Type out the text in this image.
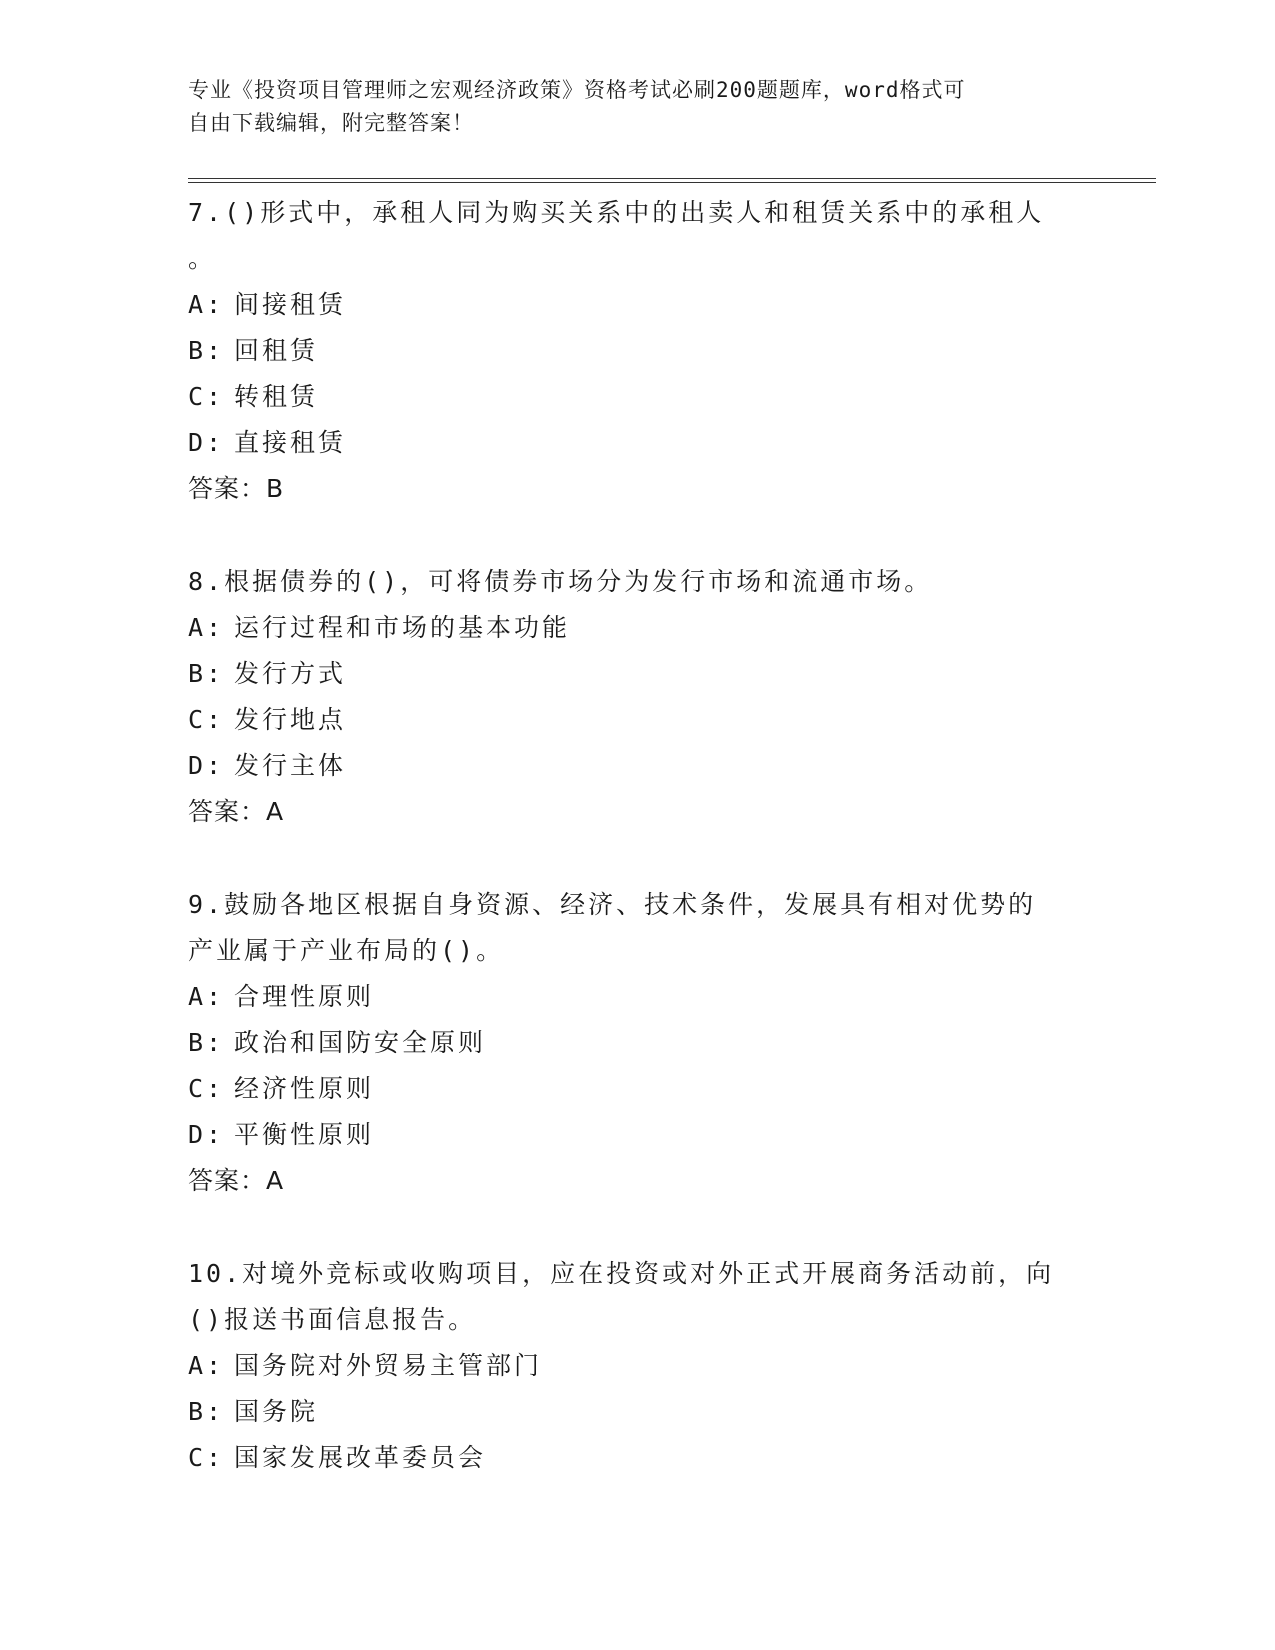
专业《投资项目管理师之宏观经济政策》资格考试必刷200题题库，word格式可
自由下载编辑，附完整答案！
7.()形式中，承租人同为购买关系中的出卖人和租赁关系中的承租人
。
A: 间接租赁
B: 回租赁
C: 转租赁
D: 直接租赁
答案：B
8.根据债券的()，可将债券市场分为发行市场和流通市场。
A: 运行过程和市场的基本功能
B: 发行方式
C: 发行地点
D: 发行主体
答案：A
9.鼓励各地区根据自身资源、经济、技术条件，发展具有相对优势的
产业属于产业布局的()。
A: 合理性原则
B: 政治和国防安全原则
C: 经济性原则
D: 平衡性原则
答案：A
10.对境外竞标或收购项目，应在投资或对外正式开展商务活动前，向
()报送书面信息报告。
A: 国务院对外贸易主管部门
B: 国务院
C: 国家发展改革委员会
